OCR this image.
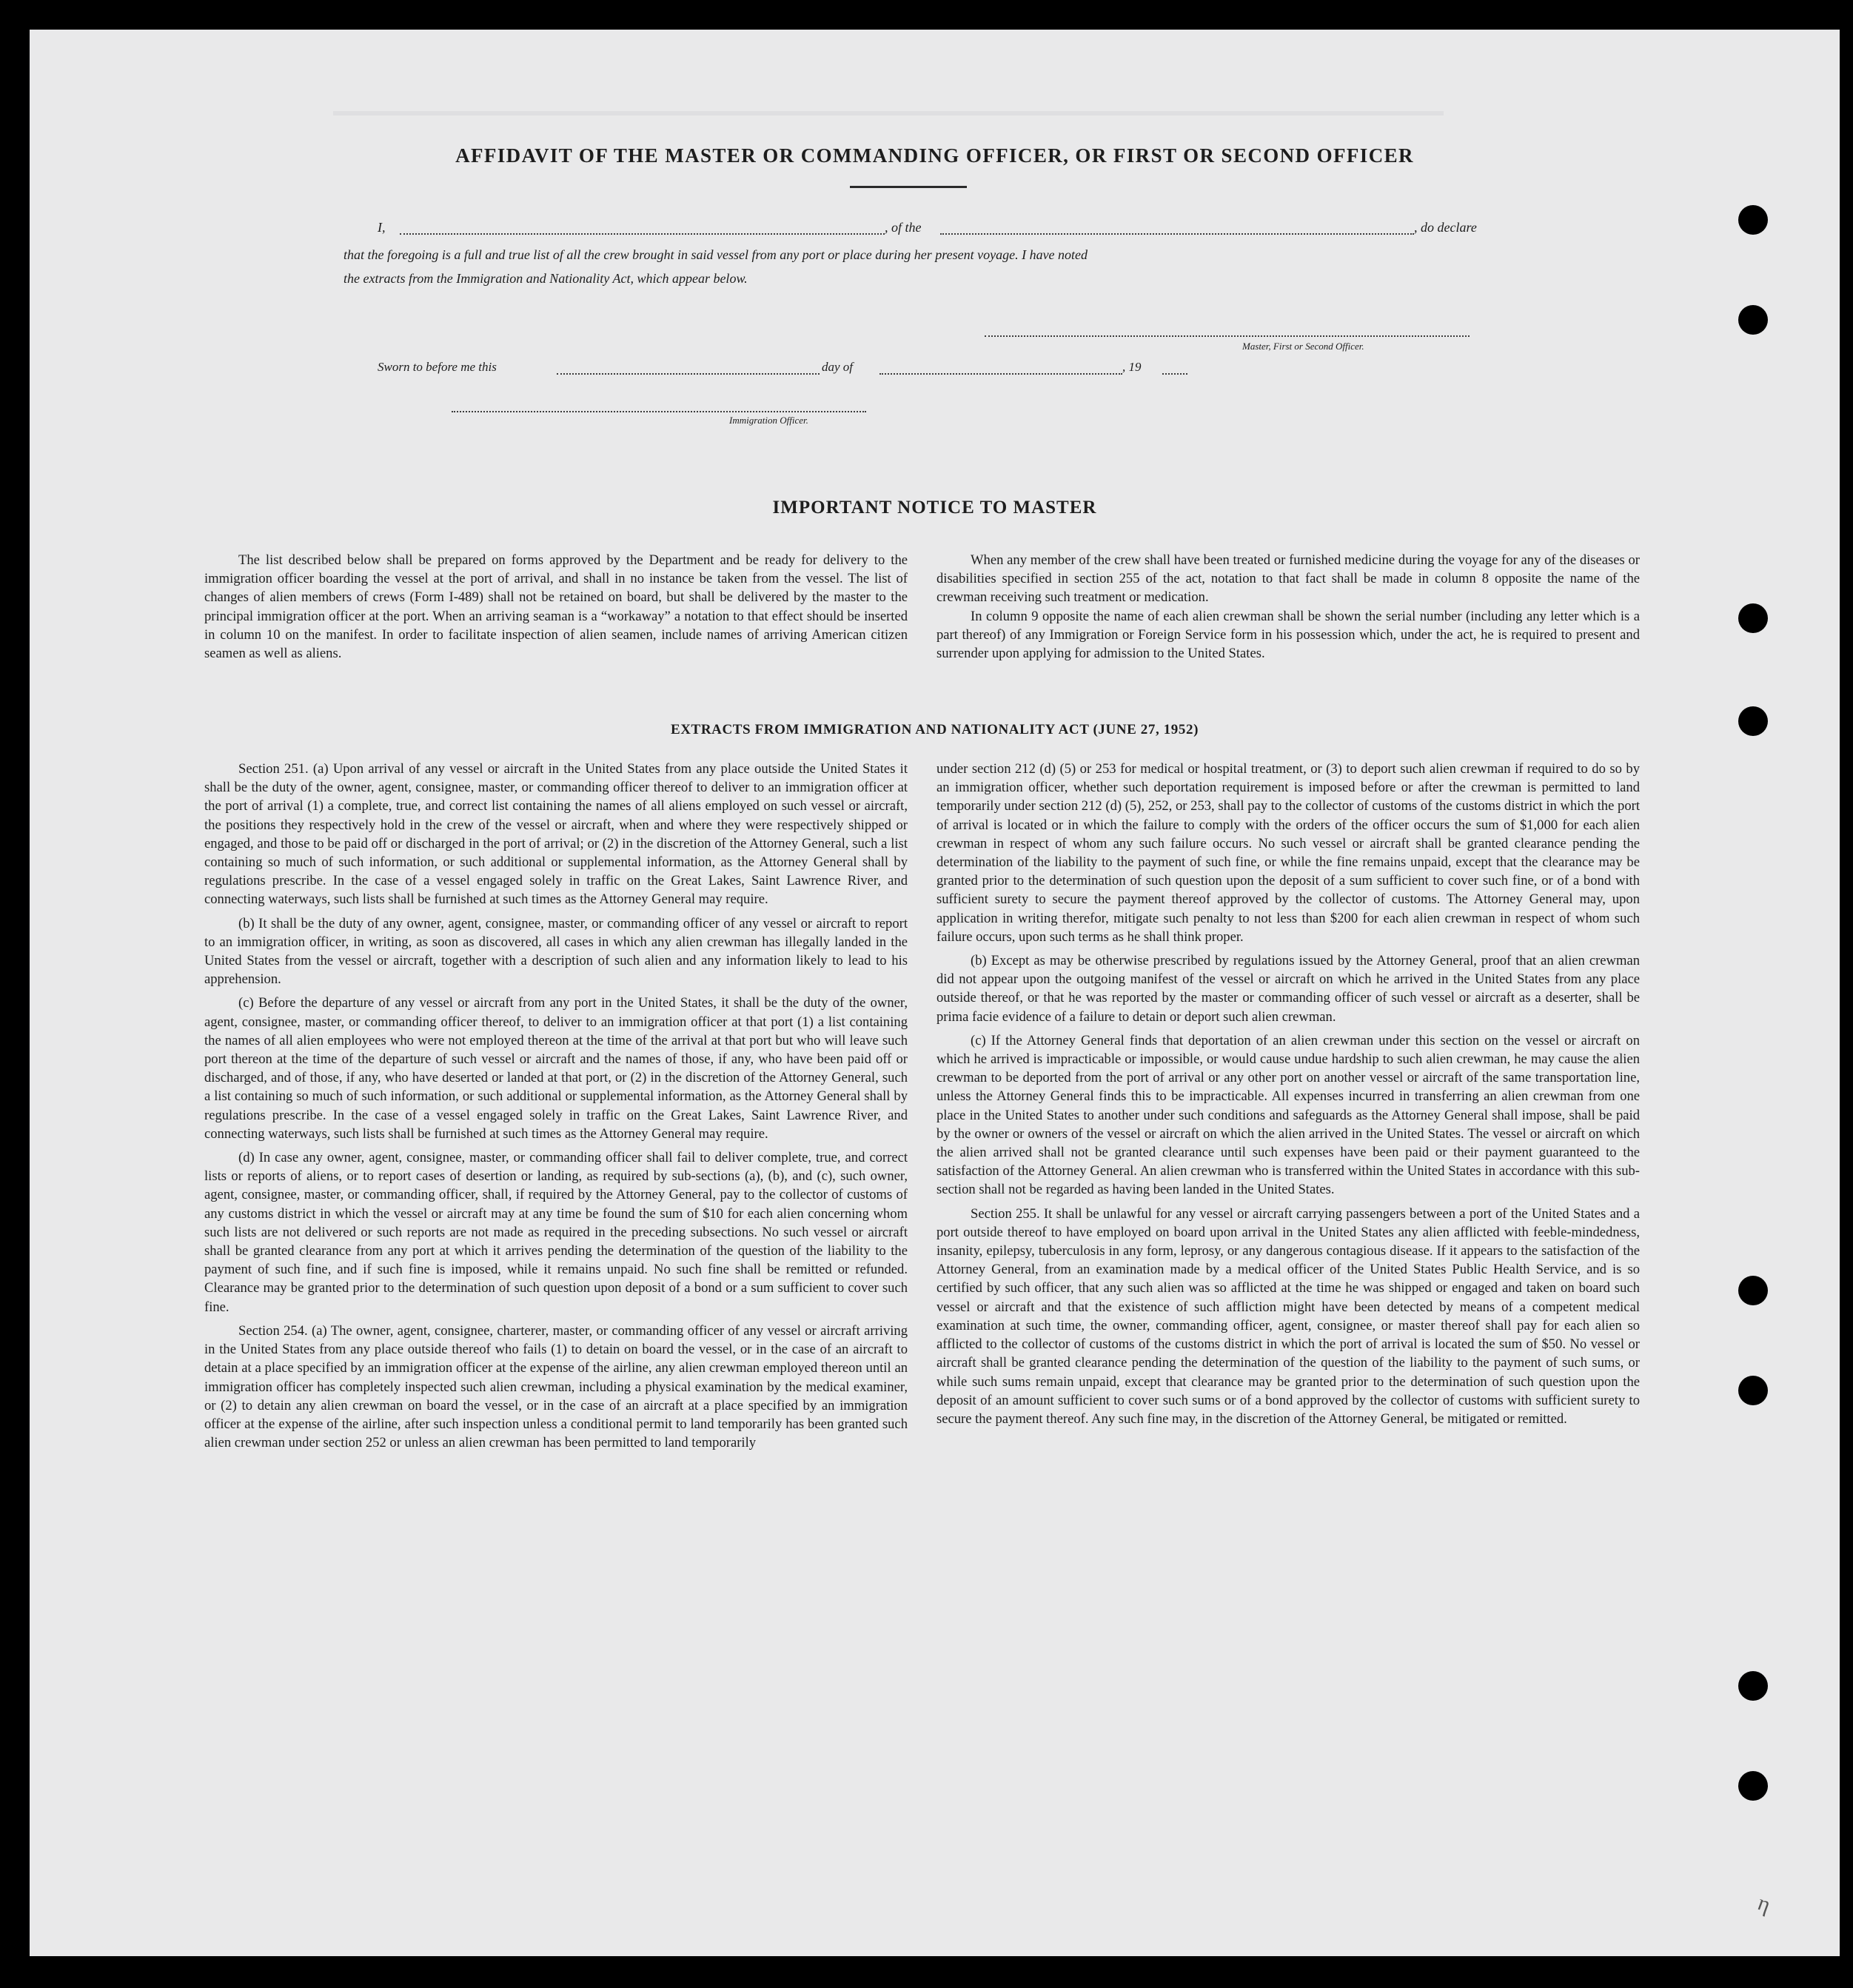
AFFIDAVIT OF THE MASTER OR COMMANDING OFFICER, OR FIRST OR SECOND OFFICER
I,	, of the	, do declare
that the foregoing is a full and true list of all the crew brought in said vessel from any port or place during her present voyage. I have noted
the extracts from the Immigration and Nationality Act, which appear below.
Master, First or Second Officer.
Sworn to before me this	day of	, 19
Immigration Officer.
IMPORTANT NOTICE TO MASTER

The list described below shall be prepared on forms approved by the Department and be ready for delivery to the immigration officer boarding the vessel at the port of arrival, and shall in no instance be taken from the vessel. The list of changes of alien members of crews (Form I-489) shall not be retained on board, but shall be delivered by the master to the principal immigration officer at the port. When an arriving seaman is a “workaway” a notation to that effect should be inserted in column 10 on the manifest. In order to facilitate inspection of alien seamen, include names of arriving American citizen seamen as well as aliens.

When any member of the crew shall have been treated or furnished medicine during the voyage for any of the diseases or disabilities specified in section 255 of the act, notation to that fact shall be made in column 8 opposite the name of the crewman receiving such treatment or medication.

In column 9 opposite the name of each alien crewman shall be shown the serial number (including any letter which is a part thereof) of any Immigration or Foreign Service form in his possession which, under the act, he is required to present and surrender upon applying for admission to the United States.

EXTRACTS FROM IMMIGRATION AND NATIONALITY ACT (JUNE 27, 1952)

Section 251. (a) Upon arrival of any vessel or aircraft in the United States from any place outside the United States it shall be the duty of the owner, agent, consignee, master, or commanding officer thereof to deliver to an immigration officer at the port of arrival (1) a complete, true, and correct list containing the names of all aliens employed on such vessel or aircraft, the positions they respectively hold in the crew of the vessel or aircraft, when and where they were respectively shipped or engaged, and those to be paid off or discharged in the port of arrival; or (2) in the discretion of the Attorney General, such a list containing so much of such information, or such additional or supplemental information, as the Attorney General shall by regulations prescribe. In the case of a vessel engaged solely in traffic on the Great Lakes, Saint Lawrence River, and connecting waterways, such lists shall be furnished at such times as the Attorney General may require.

(b) It shall be the duty of any owner, agent, consignee, master, or commanding officer of any vessel or aircraft to report to an immigration officer, in writing, as soon as discovered, all cases in which any alien crewman has illegally landed in the United States from the vessel or aircraft, together with a description of such alien and any information likely to lead to his apprehension.

(c) Before the departure of any vessel or aircraft from any port in the United States, it shall be the duty of the owner, agent, consignee, master, or commanding officer thereof, to deliver to an immigration officer at that port (1) a list containing the names of all alien employees who were not employed thereon at the time of the arrival at that port but who will leave such port thereon at the time of the departure of such vessel or aircraft and the names of those, if any, who have been paid off or discharged, and of those, if any, who have deserted or landed at that port, or (2) in the discretion of the Attorney General, such a list containing so much of such information, or such additional or supplemental information, as the Attorney General shall by regulations prescribe. In the case of a vessel engaged solely in traffic on the Great Lakes, Saint Lawrence River, and connecting waterways, such lists shall be furnished at such times as the Attorney General may require.

(d) In case any owner, agent, consignee, master, or commanding officer shall fail to deliver complete, true, and correct lists or reports of aliens, or to report cases of desertion or landing, as required by sub-sections (a), (b), and (c), such owner, agent, consignee, master, or commanding officer, shall, if required by the Attorney General, pay to the collector of customs of any customs district in which the vessel or aircraft may at any time be found the sum of $10 for each alien concerning whom such lists are not delivered or such reports are not made as required in the preceding subsections. No such vessel or aircraft shall be granted clearance from any port at which it arrives pending the determination of the question of the liability to the payment of such fine, and if such fine is imposed, while it remains unpaid. No such fine shall be remitted or refunded. Clearance may be granted prior to the determination of such question upon deposit of a bond or a sum sufficient to cover such fine.

Section 254. (a) The owner, agent, consignee, charterer, master, or commanding officer of any vessel or aircraft arriving in the United States from any place outside thereof who fails (1) to detain on board the vessel, or in the case of an aircraft to detain at a place specified by an immigration officer at the expense of the airline, any alien crewman employed thereon until an immigration officer has completely inspected such alien crewman, including a physical examination by the medical examiner, or (2) to detain any alien crewman on board the vessel, or in the case of an aircraft at a place specified by an immigration officer at the expense of the airline, after such inspection unless a conditional permit to land temporarily has been granted such alien crewman under section 252 or unless an alien crewman has been permitted to land temporarily

under section 212 (d) (5) or 253 for medical or hospital treatment, or (3) to deport such alien crewman if required to do so by an immigration officer, whether such deportation requirement is imposed before or after the crewman is permitted to land temporarily under section 212 (d) (5), 252, or 253, shall pay to the collector of customs of the customs district in which the port of arrival is located or in which the failure to comply with the orders of the officer occurs the sum of $1,000 for each alien crewman in respect of whom any such failure occurs. No such vessel or aircraft shall be granted clearance pending the determination of the liability to the payment of such fine, or while the fine remains unpaid, except that the clearance may be granted prior to the determination of such question upon the deposit of a sum sufficient to cover such fine, or of a bond with sufficient surety to secure the payment thereof approved by the collector of customs. The Attorney General may, upon application in writing therefor, mitigate such penalty to not less than $200 for each alien crewman in respect of whom such failure occurs, upon such terms as he shall think proper.

(b) Except as may be otherwise prescribed by regulations issued by the Attorney General, proof that an alien crewman did not appear upon the outgoing manifest of the vessel or aircraft on which he arrived in the United States from any place outside thereof, or that he was reported by the master or commanding officer of such vessel or aircraft as a deserter, shall be prima facie evidence of a failure to detain or deport such alien crewman.

(c) If the Attorney General finds that deportation of an alien crewman under this section on the vessel or aircraft on which he arrived is impracticable or impossible, or would cause undue hardship to such alien crewman, he may cause the alien crewman to be deported from the port of arrival or any other port on another vessel or aircraft of the same transportation line, unless the Attorney General finds this to be impracticable. All expenses incurred in transferring an alien crewman from one place in the United States to another under such conditions and safeguards as the Attorney General shall impose, shall be paid by the owner or owners of the vessel or aircraft on which the alien arrived in the United States. The vessel or aircraft on which the alien arrived shall not be granted clearance until such expenses have been paid or their payment guaranteed to the satisfaction of the Attorney General. An alien crewman who is transferred within the United States in accordance with this sub-section shall not be regarded as having been landed in the United States.

Section 255. It shall be unlawful for any vessel or aircraft carrying passengers between a port of the United States and a port outside thereof to have employed on board upon arrival in the United States any alien afflicted with feeble-mindedness, insanity, epilepsy, tuberculosis in any form, leprosy, or any dangerous contagious disease. If it appears to the satisfaction of the Attorney General, from an examination made by a medical officer of the United States Public Health Service, and is so certified by such officer, that any such alien was so afflicted at the time he was shipped or engaged and taken on board such vessel or aircraft and that the existence of such affliction might have been detected by means of a competent medical examination at such time, the owner, commanding officer, agent, consignee, or master thereof shall pay for each alien so afflicted to the collector of customs of the customs district in which the port of arrival is located the sum of $50. No vessel or aircraft shall be granted clearance pending the determination of the question of the liability to the payment of such sums, or while such sums remain unpaid, except that clearance may be granted prior to the determination of such question upon the deposit of an amount sufficient to cover such sums or of a bond approved by the collector of customs with sufficient surety to secure the payment thereof. Any such fine may, in the discretion of the Attorney General, be mitigated or remitted.

η
